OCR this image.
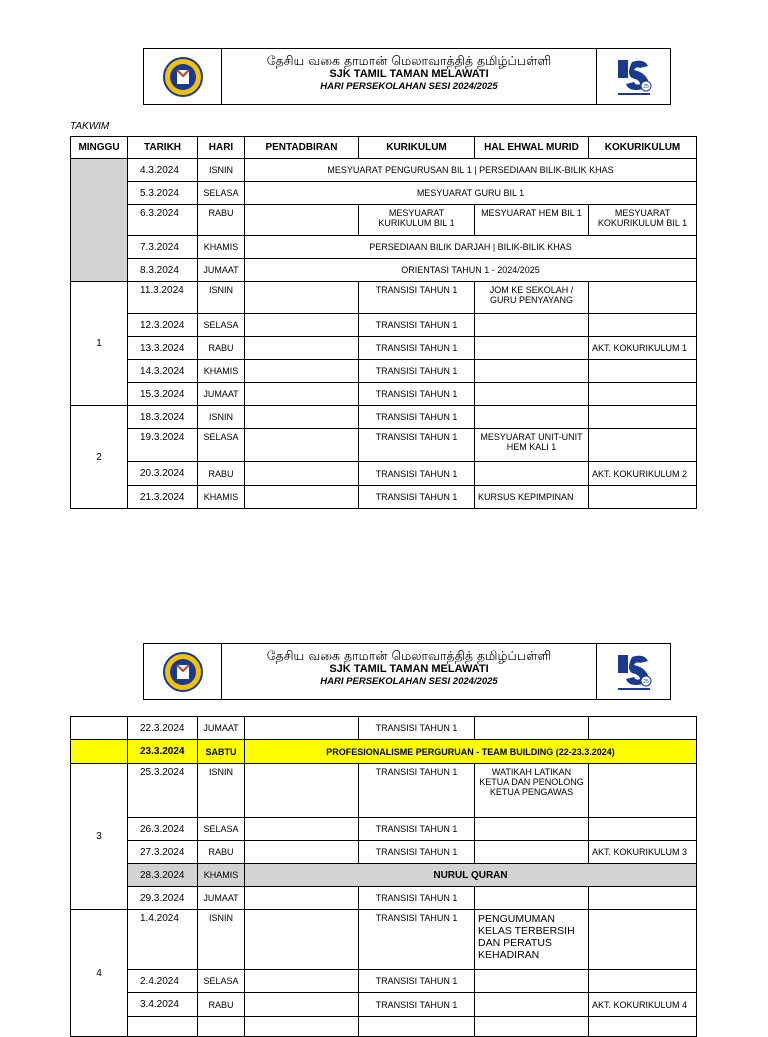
தேசிய வகை தாமான் மெலாவாத்தித் தமிழ்ப்பள்ளி
SJK TAMIL TAMAN MELAWATI
HARI PERSEKOLAHAN SESI 2024/2025	25
TAKWIM
MINGGU	TARIKH	HARI	PENTADBIRAN	KURIKULUM	HAL EHWAL MURID	KOKURIKULUM
	4.3.2024	ISNIN	MESYUARAT PENGURUSAN BIL 1 | PERSEDIAAN BILIK-BILIK KHAS			
	5.3.2024	SELASA	MESYUARAT GURU BIL 1			
	6.3.2024	RABU		MESYUARAT KURIKULUM BIL 1	MESYUARAT HEM BIL 1	MESYUARAT KOKURIKULUM BIL 1
	7.3.2024	KHAMIS	PERSEDIAAN BILIK DARJAH | BILIK-BILIK KHAS			
	8.3.2024	JUMAAT	ORIENTASI TAHUN 1 - 2024/2025			
1	11.3.2024	ISNIN		TRANSISI TAHUN 1	JOM KE SEKOLAH / GURU PENYAYANG	
	12.3.2024	SELASA		TRANSISI TAHUN 1		
	13.3.2024	RABU		TRANSISI TAHUN 1		AKT. KOKURIKULUM 1
	14.3.2024	KHAMIS		TRANSISI TAHUN 1		
	15.3.2024	JUMAAT		TRANSISI TAHUN 1		
2	18.3.2024	ISNIN		TRANSISI TAHUN 1		
	19.3.2024	SELASA		TRANSISI TAHUN 1	MESYUARAT UNIT-UNIT HEM KALI 1	
	20.3.2024	RABU		TRANSISI TAHUN 1		AKT. KOKURIKULUM 2
	21.3.2024	KHAMIS		TRANSISI TAHUN 1	KURSUS KEPIMPINAN	
தேசிய வகை தாமான் மெலாவாத்தித் தமிழ்ப்பள்ளி
SJK TAMIL TAMAN MELAWATI
HARI PERSEKOLAHAN SESI 2024/2025	25
	22.3.2024	JUMAAT		TRANSISI TAHUN 1		
	23.3.2024	SABTU	PROFESIONALISME PERGURUAN - TEAM BUILDING (22-23.3.2024)			
3	25.3.2024	ISNIN		TRANSISI TAHUN 1	WATIKAH LATIKAN KETUA DAN PENOLONG KETUA PENGAWAS	
	26.3.2024	SELASA		TRANSISI TAHUN 1		
	27.3.2024	RABU		TRANSISI TAHUN 1		AKT. KOKURIKULUM 3
	28.3.2024	KHAMIS	NURUL QURAN			
	29.3.2024	JUMAAT		TRANSISI TAHUN 1		
4	1.4.2024	ISNIN		TRANSISI TAHUN 1	PENGUMUMAN KELAS TERBERSIH DAN PERATUS KEHADIRAN	
	2.4.2024	SELASA		TRANSISI TAHUN 1		
	3.4.2024	RABU		TRANSISI TAHUN 1		AKT. KOKURIKULUM 4
